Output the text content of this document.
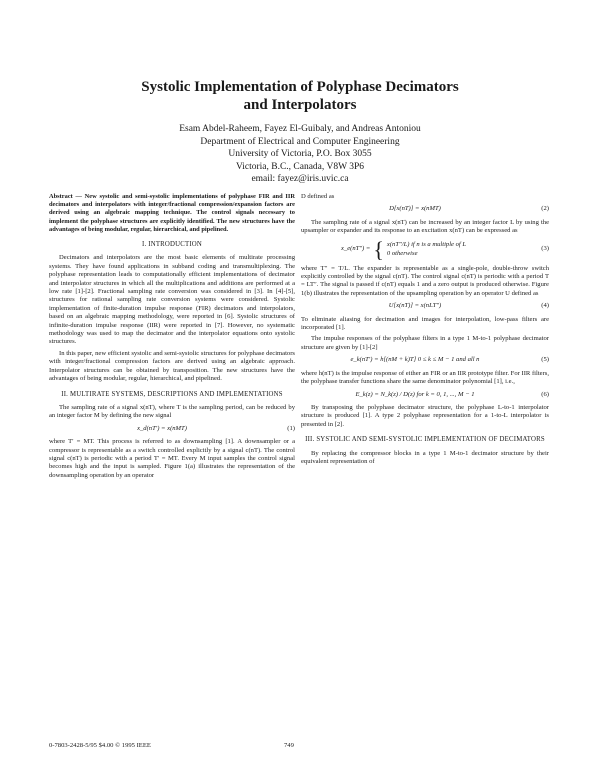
Systolic Implementation of Polyphase Decimators
and Interpolators
Esam Abdel-Raheem, Fayez El-Guibaly, and Andreas Antoniou
Department of Electrical and Computer Engineering
University of Victoria, P.O. Box 3055
Victoria, B.C., Canada, V8W 3P6
email: fayez@iris.uvic.ca
Abstract — New systolic and semi-systolic implementations of polyphase FIR and IIR decimators and interpolators with integer/fractional compression/expansion factors are derived using an algebraic mapping technique. The control signals necessary to implement the polyphase structures are explicitly identified. The new structures have the advantages of being modular, regular, hierarchical, and pipelined.
I. INTRODUCTION

Decimators and interpolators are the most basic elements of multirate processing systems. They have found applications in subband coding and transmultiplexing. The polyphase representation leads to computationally efficient implementations of decimator and interpolator structures in which all the multiplications and additions are performed at a low rate [1]-[2]. Fractional sampling rate conversion was considered in [3]. In [4]-[5], structures for rational sampling rate conversion systems were considered. Systolic implementation of finite-duration impulse response (FIR) decimators and interpolators, based on an algebraic mapping methodology, were reported in [6]. Systolic structures of infinite-duration impulse response (IIR) were reported in [7]. However, no systematic methodology was used to map the decimator and the interpolator equations onto systolic structures.

In this paper, new efficient systolic and semi-systolic structures for polyphase decimators with integer/fractional compression factors are derived using an algebraic approach. Interpolator structures can be obtained by transposition. The new structures have the advantages of being modular, regular, hierarchical, and pipelined.

II. MULTIRATE SYSTEMS, DESCRIPTIONS AND IMPLEMENTATIONS

The sampling rate of a signal x(nT), where T is the sampling period, can be reduced by an integer factor M by defining the new signal

x_d(nT′) = x(nMT)	(1)

where T′ = MT. This process is referred to as downsampling [1]. A downsampler or a compressor is representable as a switch controlled explicitly by a signal c(nT). The control signal c(nT) is periodic with a period T′ = MT. Every M input samples the control signal becomes high and the input is sampled. Figure 1(a) illustrates the representation of the downsampling operation by an operator

D defined as

D[x(nT)] = x(nMT)	(2)

The sampling rate of a signal x(nT) can be increased by an integer factor L by using the upsampler or expander and its response to an excitation x(nT) can be expressed as

x_e(nT″) = { x(nT″/L) if n is a multiple of L
0 otherwise
(3)

where T″ = T/L. The expander is representable as a single-pole, double-throw switch explicitly controlled by the signal c(nT). The control signal c(nT) is periodic with a period T = LT″. The signal is passed if c(nT) equals 1 and a zero output is produced otherwise. Figure 1(b) illustrates the representation of the upsampling operation by an operator U defined as

U[x(nT)] = x(nLT″)	(4)

To eliminate aliasing for decimation and images for interpolation, low-pass filters are incorporated [1].

The impulse responses of the polyphase filters in a type 1 M-to-1 polyphase decimator structure are given by [1]-[2]

e_k(nT′) = h[(nM + k)T] 0 ≤ k ≤ M − 1 and all n	(5)

where h(nT) is the impulse response of either an FIR or an IIR prototype filter. For IIR filters, the polyphase transfer functions share the same denominator polynomial [1], i.e.,

E_k(z) = N_k(z) / D(z) for k = 0, 1, ..., M − 1	(6)

By transposing the polyphase decimator structure, the polyphase L-to-1 interpolator structure is produced [1]. A type 2 polyphase representation for a 1-to-L interpolator is presented in [2].

III. SYSTOLIC AND SEMI-SYSTOLIC IMPLEMENTATION OF DECIMATORS

By replacing the compressor blocks in a type 1 M-to-1 decimator structure by their equivalent representation of

0-7803-2428-5/95 $4.00 © 1995 IEEE	749
